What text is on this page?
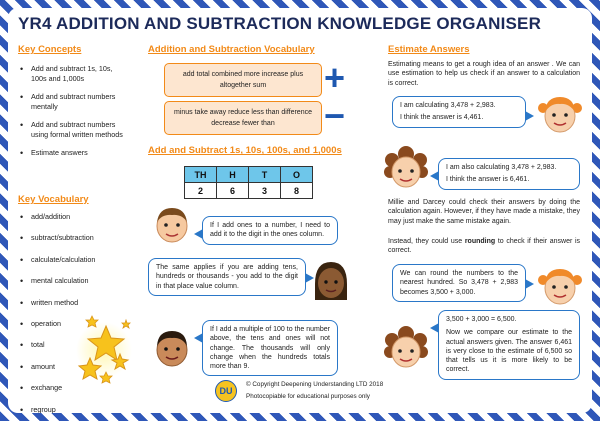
YR4 ADDITION AND SUBTRACTION KNOWLEDGE ORGANISER
Key Concepts
• Add and subtract 1s, 10s, 100s and 1,000s
• Add and subtract numbers mentally
• Add and subtract numbers using formal written methods
• Estimate answers
Key Vocabulary
• add/addition
• subtract/subtraction
• calculate/calculation
• mental calculation
• written method
• operation
• total
• amount
• exchange
• regroup
Addition and Subtraction Vocabulary
add total combined more increase plus altogether sum	+
minus take away reduce less than difference decrease fewer than	−
Add and Subtract 1s, 10s, 100s, and 1,000s
TH	H	T	O
2	6	3	8
If I add ones to a number, I need to add it to the digit in the ones column.
The same applies if you are adding tens, hundreds or thousands - you add to the digit in that place value column.
If I add a multiple of 100 to the number above, the tens and ones will not change. The thousands will only change when the hundreds totals more than 9.
DU
© Copyright Deepening Understanding LTD 2018
Photocopiable for educational purposes only
Estimate Answers
Estimating means to get a rough idea of an answer . We can use estimation to help us check if an answer to a calculation is correct.
I am calculating 3,478 + 2,983.
I think the answer is 4,461.
I am also calculating 3,478 + 2,983.
I think the answer is 6,461.
Millie and Darcey could check their answers by doing the calculation again. However, if they have made a mistake, they may just make the same mistake again.
Instead, they could use rounding to check if their answer is correct.
We can round the numbers to the nearest hundred. So 3,478 + 2,983 becomes 3,500 + 3,000.
3,500 + 3,000 = 6,500.
Now we compare our estimate to the actual answers given. The answer 6,461 is very close to the estimate of 6,500 so that tells us it is more likely to be correct.
